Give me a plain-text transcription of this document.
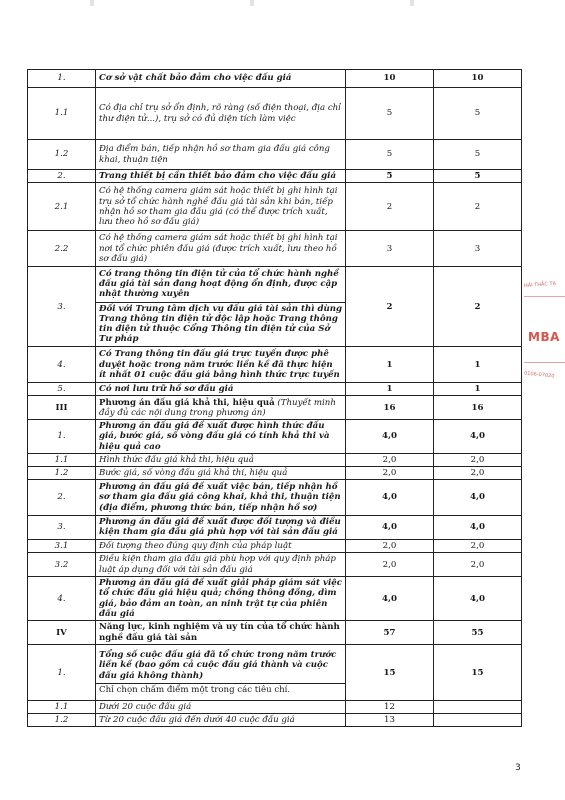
1.	Cơ sở vật chất bảo đảm cho việc đấu giá	10	10
1.1	Có địa chỉ trụ sở ổn định, rõ ràng (số điện thoại, địa chỉ thư điện tử...), trụ sở có đủ diện tích làm việc	5	5
1.2	Địa điểm bán, tiếp nhận hồ sơ tham gia đấu giá công khai, thuận tiện	5	5
2.	Trang thiết bị cần thiết bảo đảm cho việc đấu giá	5	5
2.1	Có hệ thống camera giám sát hoặc thiết bị ghi hình tại trụ sở tổ chức hành nghề đấu giá tài sản khi bán, tiếp nhận hồ sơ tham gia đấu giá (có thể được trích xuất, lưu theo hồ sơ đấu giá)	2	2
2.2	Có hệ thống camera giám sát hoặc thiết bị ghi hình tại nơi tổ chức phiên đấu giá (được trích xuất, lưu theo hồ sơ đấu giá)	3	3
3.	Có trang thông tin điện tử của tổ chức hành nghề đấu giá tài sản đang hoạt động ổn định, được cập nhật thường xuyên
Đối với Trung tâm dịch vụ đấu giá tài sản thì dùng Trang thông tin điện tử độc lập hoặc Trang thông tin điện tử thuộc Cổng Thông tin điện tử của Sở Tư pháp	2	2
4.	Có Trang thông tin đấu giá trực tuyến được phê duyệt hoặc trong năm trước liền kề đã thực hiện ít nhất 01 cuộc đấu giá bằng hình thức trực tuyến	1	1
5.	Có nơi lưu trữ hồ sơ đấu giá	1	1
III	Phương án đấu giá khả thi, hiệu quả (Thuyết minh đầy đủ các nội dung trong phương án)	16	16
1.	Phương án đấu giá đề xuất được hình thức đấu giá, bước giá, số vòng đấu giá có tính khả thi và hiệu quả cao	4,0	4,0
1.1	Hình thức đấu giá khả thi, hiệu quả	2,0	2,0
1.2	Bước giá, số vòng đấu giá khả thi, hiệu quả	2,0	2,0
2.	Phương án đấu giá đề xuất việc bán, tiếp nhận hồ sơ tham gia đấu giá công khai, khả thi, thuận tiện (địa điểm, phương thức bán, tiếp nhận hồ sơ)	4,0	4,0
3.	Phương án đấu giá đề xuất được đối tượng và điều kiện tham gia đấu giá phù hợp với tài sản đấu giá	4,0	4,0
3.1	Đối tượng theo đúng quy định của pháp luật	2,0	2,0
3.2	Điều kiện tham gia đấu giá phù hợp với quy định pháp luật áp dụng đối với tài sản đấu giá	2,0	2,0
4.	Phương án đấu giá đề xuất giải pháp giám sát việc tổ chức đấu giá hiệu quả; chống thông đồng, dìm giá, bảo đảm an toàn, an ninh trật tự của phiên đấu giá	4,0	4,0
IV	Năng lực, kinh nghiệm và uy tín của tổ chức hành nghề đấu giá tài sản	57	55
1.	Tổng số cuộc đấu giá đã tổ chức trong năm trước liền kề (bao gồm cả cuộc đấu giá thành và cuộc đấu giá không thành)
Chỉ chọn chấm điểm một trong các tiêu chí.	15	15
1.1	Dưới 20 cuộc đấu giá	12	
1.2	Từ 20 cuộc đấu giá đến dưới 40 cuộc đấu giá	13	
3
HẢI THẮC TẠ
MBA
0106-07020
